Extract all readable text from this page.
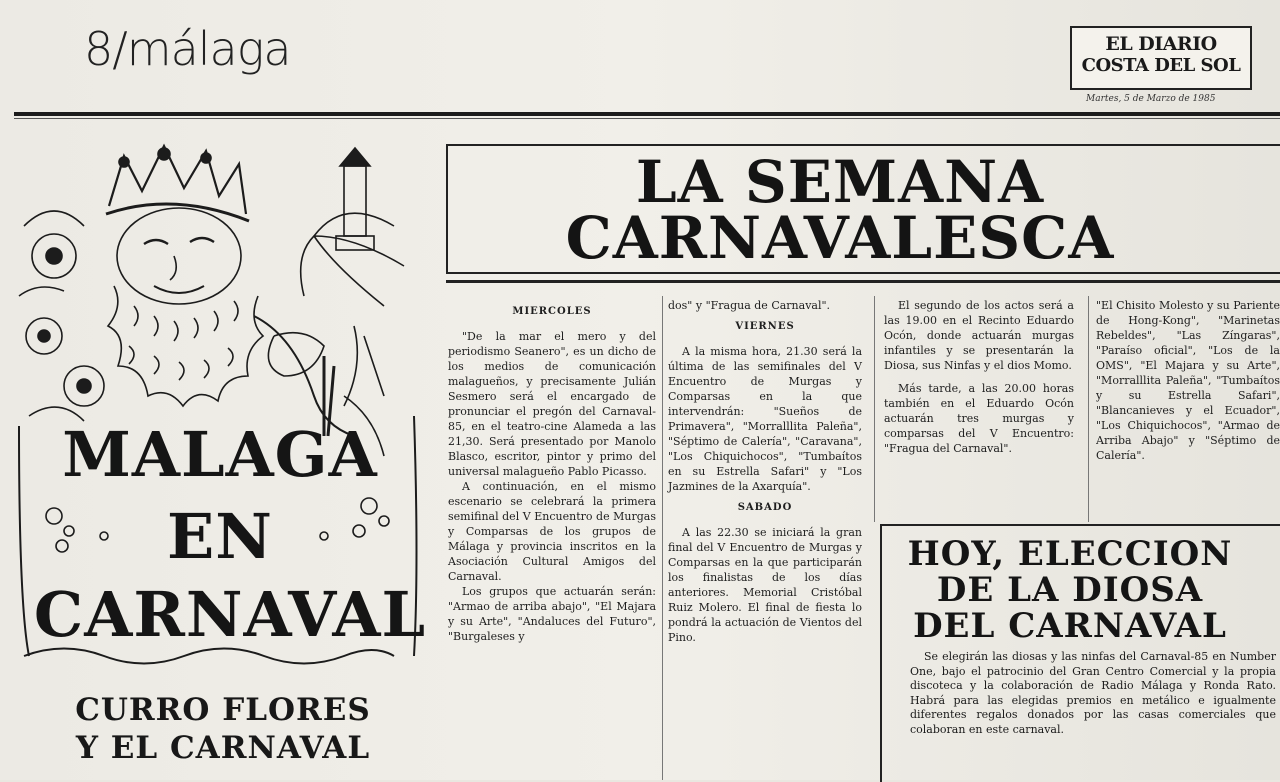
8/málaga	EL DIARIO
COSTA DEL SOL
Martes, 5 de Marzo de 1985
MALAGA
EN
CARNAVAL
CURRO FLORES
Y EL CARNAVAL
LA SEMANA
CARNAVALESCA
MIERCOLES

"De la mar el mero y del periodismo Seanero", es un dicho de los medios de comunicación malagueños, y precisamente Julián Sesmero será el encargado de pronunciar el pregón del Carnaval-85, en el teatro-cine Alameda a las 21,30. Será presentado por Manolo Blasco, escritor, pintor y primo del universal malagueño Pablo Picasso.

A continuación, en el mismo escenario se celebrará la primera semifinal del V Encuentro de Murgas y Comparsas de los grupos de Málaga y provincia inscritos en la Asociación Cultural Amigos del Carnaval.

Los grupos que actuarán serán: "Armao de arriba abajo", "El Majara y su Arte", "Andaluces del Futuro", "Burgaleses y

dos" y "Fragua de Carnaval".

VIERNES

A la misma hora, 21.30 será la última de las semifinales del V Encuentro de Murgas y Comparsas en la que intervendrán: "Sueños de Primavera", "Morralllita Paleña", "Séptimo de Calería", "Caravana", "Los Chiquichocos", "Tumbaítos en su Estrella Safari" y "Los Jazmines de la Axarquía".

SABADO

A las 22.30 se iniciará la gran final del V Encuentro de Murgas y Comparsas en la que participarán los finalistas de los días anteriores. Memorial Cristóbal Ruiz Molero. El final de fiesta lo pondrá la actuación de Vientos del Pino.

El segundo de los actos será a las 19.00 en el Recinto Eduardo Ocón, donde actuarán murgas infantiles y se presentarán la Diosa, sus Ninfas y el dios Momo.

Más tarde, a las 20.00 horas también en el Eduardo Ocón actuarán tres murgas y comparsas del V Encuentro: "Fragua del Carnaval".

"El Chisito Molesto y su Pariente de Hong-Kong", "Marinetas Rebeldes", "Las Zíngaras", "Paraíso oficial", "Los de la OMS", "El Majara y su Arte", "Morralllita Paleña", "Tumbaítos y su Estrella Safari", "Blancanieves y el Ecuador", "Los Chiquichocos", "Armao de Arriba Abajo" y "Séptimo de Calería".

HOY, ELECCION
DE LA DIOSA
DEL CARNAVAL

Se elegirán las diosas y las ninfas del Carnaval-85 en Number One, bajo el patrocinio del Gran Centro Comercial y la propia discoteca y la colaboración de Radio Málaga y Ronda Rato. Habrá para las elegidas premios en metálico e igualmente diferentes regalos donados por las casas comerciales que colaboran en este carnaval.
